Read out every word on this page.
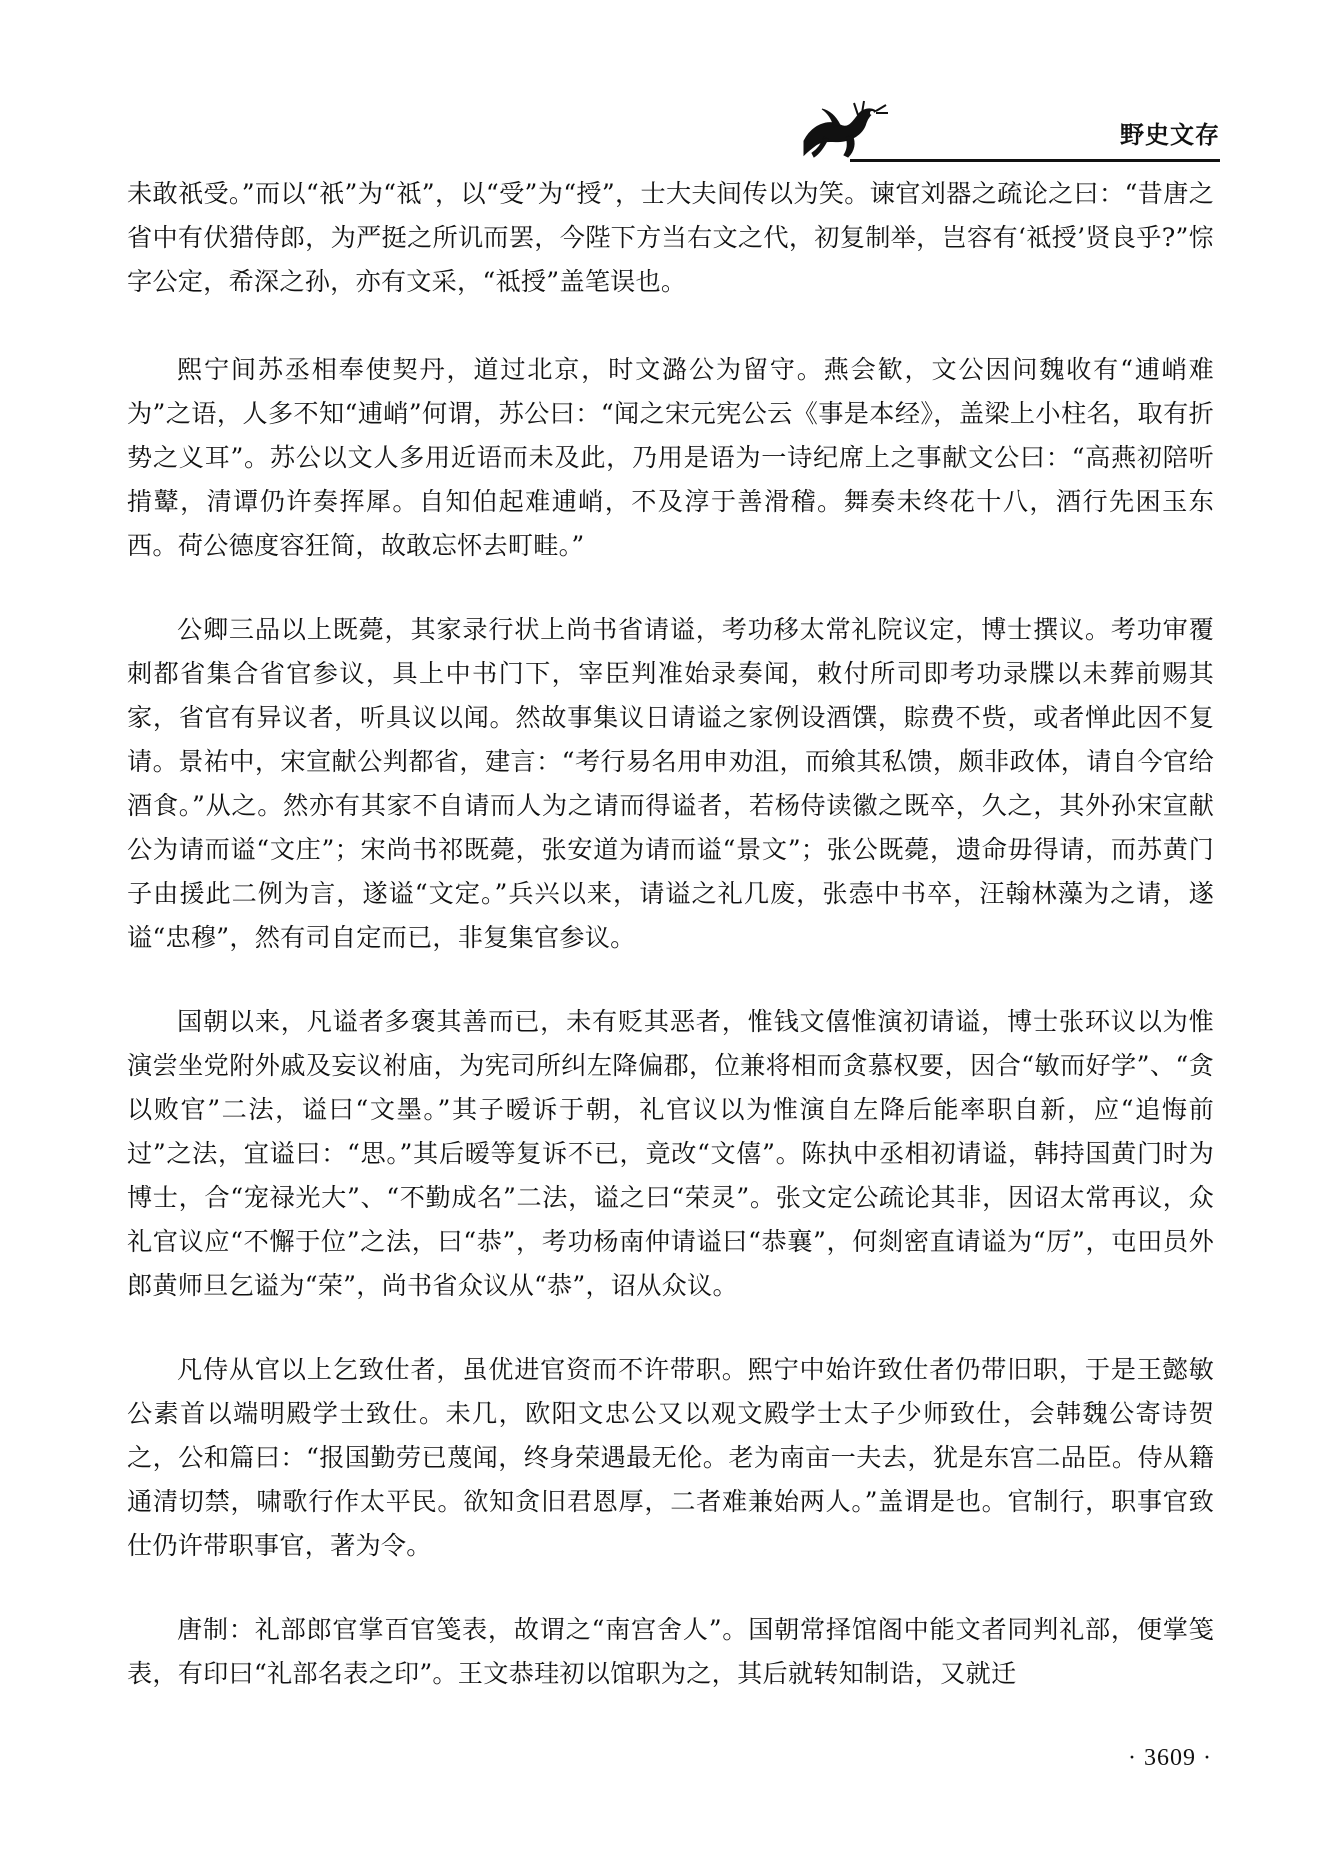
野史文存

未敢祇受。”而以“祇”为“祗”，以“受”为“授”，士大夫间传以为笑。谏官刘器之疏论之曰：“昔唐之省中有伏猎侍郎，为严挺之所讥而罢，今陛下方当右文之代，初复制举，岂容有‘祗授’贤良乎?”悰字公定，希深之孙，亦有文采，“祗授”盖笔误也。

熙宁间苏丞相奉使契丹，道过北京，时文潞公为留守。燕会歓，文公因问魏收有“逋峭难为”之语，人多不知“逋峭”何谓，苏公曰：“闻之宋元宪公云《事是本经》，盖梁上小柱名，取有折势之义耳”。苏公以文人多用近语而未及此，乃用是语为一诗纪席上之事献文公曰：“高燕初陪听掯鼙，清谭仍许奏挥犀。自知伯起难逋峭，不及淳于善滑稽。舞奏未终花十八，酒行先困玉东西。荷公德度容狂简，故敢忘怀去町畦。”

公卿三品以上既薨，其家录行状上尚书省请谥，考功移太常礼院议定，博士撰议。考功审覆刺都省集合省官参议，具上中书门下，宰臣判准始录奏闻，敕付所司即考功录牒以未葬前赐其家，省官有异议者，听具议以闻。然故事集议日请谥之家例设酒馔，賩费不赀，或者惮此因不复请。景祐中，宋宣献公判都省，建言：“考行易名用申劝沮，而飨其私馈，颇非政体，请自今官给酒食。”从之。然亦有其家不自请而人为之请而得谥者，若杨侍读徽之既卒，久之，其外孙宋宣献公为请而谥“文庄”；宋尚书祁既薨，张安道为请而谥“景文”；张公既薨，遗命毋得请，而苏黄门子由援此二例为言，遂谥“文定。”兵兴以来，请谥之礼几废，张悫中书卒，汪翰林藻为之请，遂谥“忠穆”，然有司自定而已，非复集官参议。

国朝以来，凡谥者多褒其善而已，未有贬其恶者，惟钱文僖惟演初请谥，博士张环议以为惟演尝坐党附外戚及妄议祔庙，为宪司所纠左降偏郡，位兼将相而贪慕权要，因合“敏而好学”、“贪以败官”二法，谥曰“文墨。”其子暧诉于朝，礼官议以为惟演自左降后能率职自新，应“追悔前过”之法，宜谥曰：“思。”其后暧等复诉不已，竟改“文僖”。陈执中丞相初请谥，韩持国黄门时为博士，合“宠禄光大”、“不勤成名”二法，谥之曰“荣灵”。张文定公疏论其非，因诏太常再议，众礼官议应“不懈于位”之法，曰“恭”，考功杨南仲请谥曰“恭襄”，何剡密直请谥为“厉”，屯田员外郎黄师旦乞谥为“荣”，尚书省众议从“恭”，诏从众议。

凡侍从官以上乞致仕者，虽优进官资而不许带职。熙宁中始许致仕者仍带旧职，于是王懿敏公素首以端明殿学士致仕。未几，欧阳文忠公又以观文殿学士太子少师致仕，会韩魏公寄诗贺之，公和篇曰：“报国勤劳已蔑闻，终身荣遇最无伦。老为南亩一夫去，犹是东宫二品臣。侍从籍通清切禁，啸歌行作太平民。欲知贪旧君恩厚，二者难兼始两人。”盖谓是也。官制行，职事官致仕仍许带职事官，著为令。

唐制：礼部郎官掌百官笺表，故谓之“南宫舍人”。国朝常择馆阁中能文者同判礼部，便掌笺表，有印曰“礼部名表之印”。王文恭珪初以馆职为之，其后就转知制诰，又就迁

· 3609 ·
